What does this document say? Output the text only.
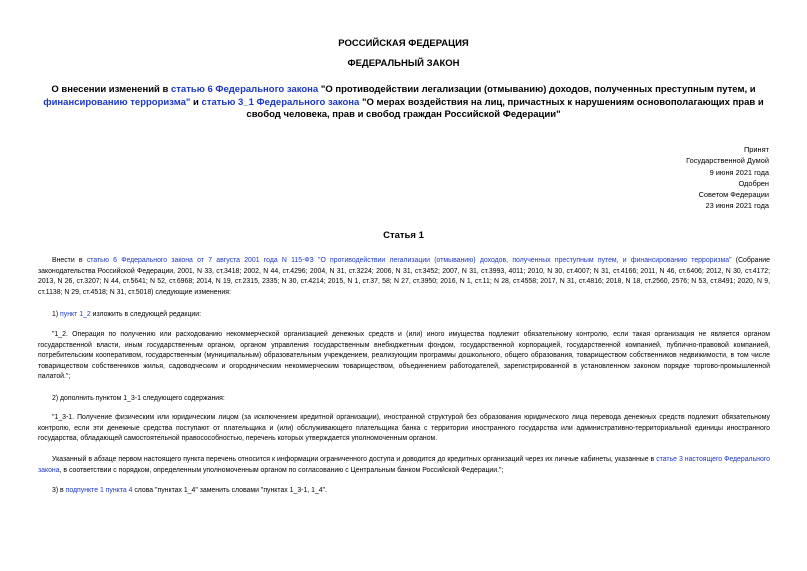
РОССИЙСКАЯ ФЕДЕРАЦИЯ
ФЕДЕРАЛЬНЫЙ ЗАКОН
О внесении изменений в статью 6 Федерального закона "О противодействии легализации (отмыванию) доходов, полученных преступным путем, и финансированию терроризма" и статью 3_1 Федерального закона "О мерах воздействия на лиц, причастных к нарушениям основополагающих прав и свобод человека, прав и свобод граждан Российской Федерации"
Принят
Государственной Думой
9 июня 2021 года
Одобрен
Советом Федерации
23 июня 2021 года
Статья 1
Внести в статью 6 Федерального закона от 7 августа 2001 года N 115-ФЗ "О противодействии легализации (отмыванию) доходов, полученных преступным путем, и финансированию терроризма" (Собрание законодательства Российской Федерации, 2001, N 33, ст.3418; 2002, N 44, ст.4296; 2004, N 31, ст.3224; 2006, N 31, ст.3452; 2007, N 31, ст.3993, 4011; 2010, N 30, ст.4007; N 31, ст.4166; 2011, N 46, ст.6406; 2012, N 30, ст.4172; 2013, N 26, ст.3207; N 44, ст.5641; N 52, ст.6968; 2014, N 19, ст.2315, 2335; N 30, ст.4214; 2015, N 1, ст.37, 58; N 27, ст.3950; 2016, N 1, ст.11; N 28, ст.4558; 2017, N 31, ст.4816; 2018, N 18, ст.2560, 2576; N 53, ст.8491; 2020, N 9, ст.1138; N 29, ст.4518; N 31, ст.5018) следующие изменения:
1) пункт 1_2 изложить в следующей редакции:
"1_2. Операция по получению или расходованию некоммерческой организацией денежных средств и (или) иного имущества подлежит обязательному контролю, если такая организация не является органом государственной власти, иным государственным органом, органом управления государственным внебюджетным фондом, государственной корпорацией, государственной компанией, публично-правовой компанией, потребительским кооперативом, государственным (муниципальным) образовательным учреждением, реализующим программы дошкольного, общего образования, товариществом собственников недвижимости, в том числе товариществом собственников жилья, садоводческим и огородническим некоммерческим товариществом, объединением работодателей, зарегистрированной в установленном законом порядке торгово-промышленной палатой.";
2) дополнить пунктом 1_3-1 следующего содержания:
"1_3-1. Получение физическим или юридическим лицом (за исключением кредитной организации), иностранной структурой без образования юридического лица перевода денежных средств подлежит обязательному контролю, если эти денежные средства поступают от плательщика и (или) обслуживающего плательщика банка с территории иностранного государства или административно-территориальной единицы иностранного государства, обладающей самостоятельной правосособностью, перечень которых утверждается уполномоченным органом.
Указанный в абзаце первом настоящего пункта перечень относится к информации ограниченного доступа и доводится до кредитных организаций через их личные кабинеты, указанные в статье 3 настоящего Федерального закона, в соответствии с порядком, определенным уполномоченным органом по согласованию с Центральным банком Российской Федерации.";
3) в подпункте 1 пункта 4 слова "пунктах 1_4" заменить словами "пунктах 1_3-1, 1_4".
